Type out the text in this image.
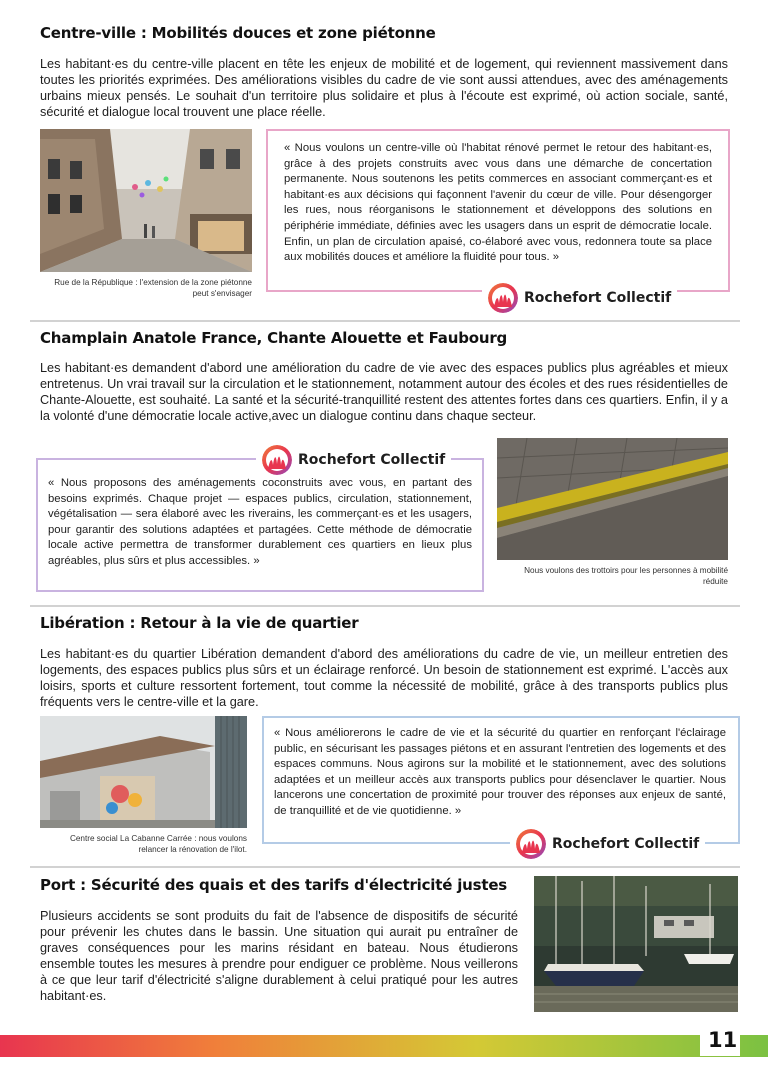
Centre-ville : Mobilités douces et zone piétonne

Les habitant·es du centre-ville placent en tête les enjeux de mobilité et de logement, qui reviennent massivement dans toutes les priorités exprimées. Des améliorations visibles du cadre de vie sont aussi attendues, avec des aménagements urbains mieux pensés. Le souhait d'un territoire plus solidaire et plus à l'écoute est exprimé, où action sociale, santé, sécurité et dialogue local trouvent une place réelle.

Rue de la République : l'extension de la zone piétonne peut s'envisager

« Nous voulons un centre-ville où l'habitat rénové permet le retour des habitant·es, grâce à des projets construits avec vous dans une démarche de concertation permanente. Nous soutenons les petits commerces en associant commerçant·es et habitant·es aux décisions qui façonnent l'avenir du cœur de ville. Pour désengorger les rues, nous réorganisons le stationnement et développons des solutions en périphérie immédiate, définies avec les usagers dans un esprit de démocratie locale. Enfin, un plan de circulation apaisé, co-élaboré avec vous, redonnera toute sa place aux mobilités douces et améliore la fluidité pour tous. »

Rochefort Collectif
Champlain Anatole France, Chante Alouette et Faubourg

Les habitant·es demandent d'abord une amélioration du cadre de vie avec des espaces publics plus agréables et mieux entretenus. Un vrai travail sur la circulation et le stationnement, notamment autour des écoles et des rues résidentielles de Chante-Alouette, est souhaité. La santé et la sécurité-tranquillité restent des attentes fortes dans ces quartiers. Enfin, il y a la volonté d'une démocratie locale active,avec un dialogue continu dans chaque secteur.

« Nous proposons des aménagements coconstruits avec vous, en partant des besoins exprimés. Chaque projet — espaces publics, circulation, stationnement, végétalisation — sera élaboré avec les riverains, les commerçant·es et les usagers, pour garantir des solutions adaptées et partagées. Cette méthode de démocratie locale active permettra de transformer durablement ces quartiers en lieux plus agréables, plus sûrs et plus accessibles. »

Rochefort Collectif

Nous voulons des trottoirs pour les personnes à mobilité réduite

Libération : Retour à la vie de quartier

Les habitant·es du quartier Libération demandent d'abord des améliorations du cadre de vie, un meilleur entretien des logements, des espaces publics plus sûrs et un éclairage renforcé. Un besoin de stationnement est exprimé. L'accès aux loisirs, sports et culture ressortent fortement, tout comme la nécessité de mobilité, grâce à des transports publics plus fréquents vers le centre-ville et la gare.

Centre social La Cabanne Carrée : nous voulons relancer la rénovation de l'ilot.

« Nous améliorerons le cadre de vie et la sécurité du quartier en renforçant l'éclairage public, en sécurisant les passages piétons et en assurant l'entretien des logements et des espaces communs. Nous agirons sur la mobilité et le stationnement, avec des solutions adaptées et un meilleur accès aux transports publics pour désenclaver le quartier. Nous lancerons une concertation de proximité pour trouver des réponses aux enjeux de santé, de tranquillité et de vie quotidienne. »

Rochefort Collectif
Port : Sécurité des quais et des tarifs d'électricité justes

Plusieurs accidents se sont produits du fait de l'absence de dispositifs de sécurité pour prévenir les chutes dans le bassin. Une situation qui aurait pu entraîner de graves conséquences pour les marins résidant en bateau. Nous étudierons ensemble toutes les mesures à prendre pour endiguer ce problème. Nous veillerons à ce que leur tarif d'électricité s'aligne durablement à celui pratiqué pour les autres habitant·es.

11
